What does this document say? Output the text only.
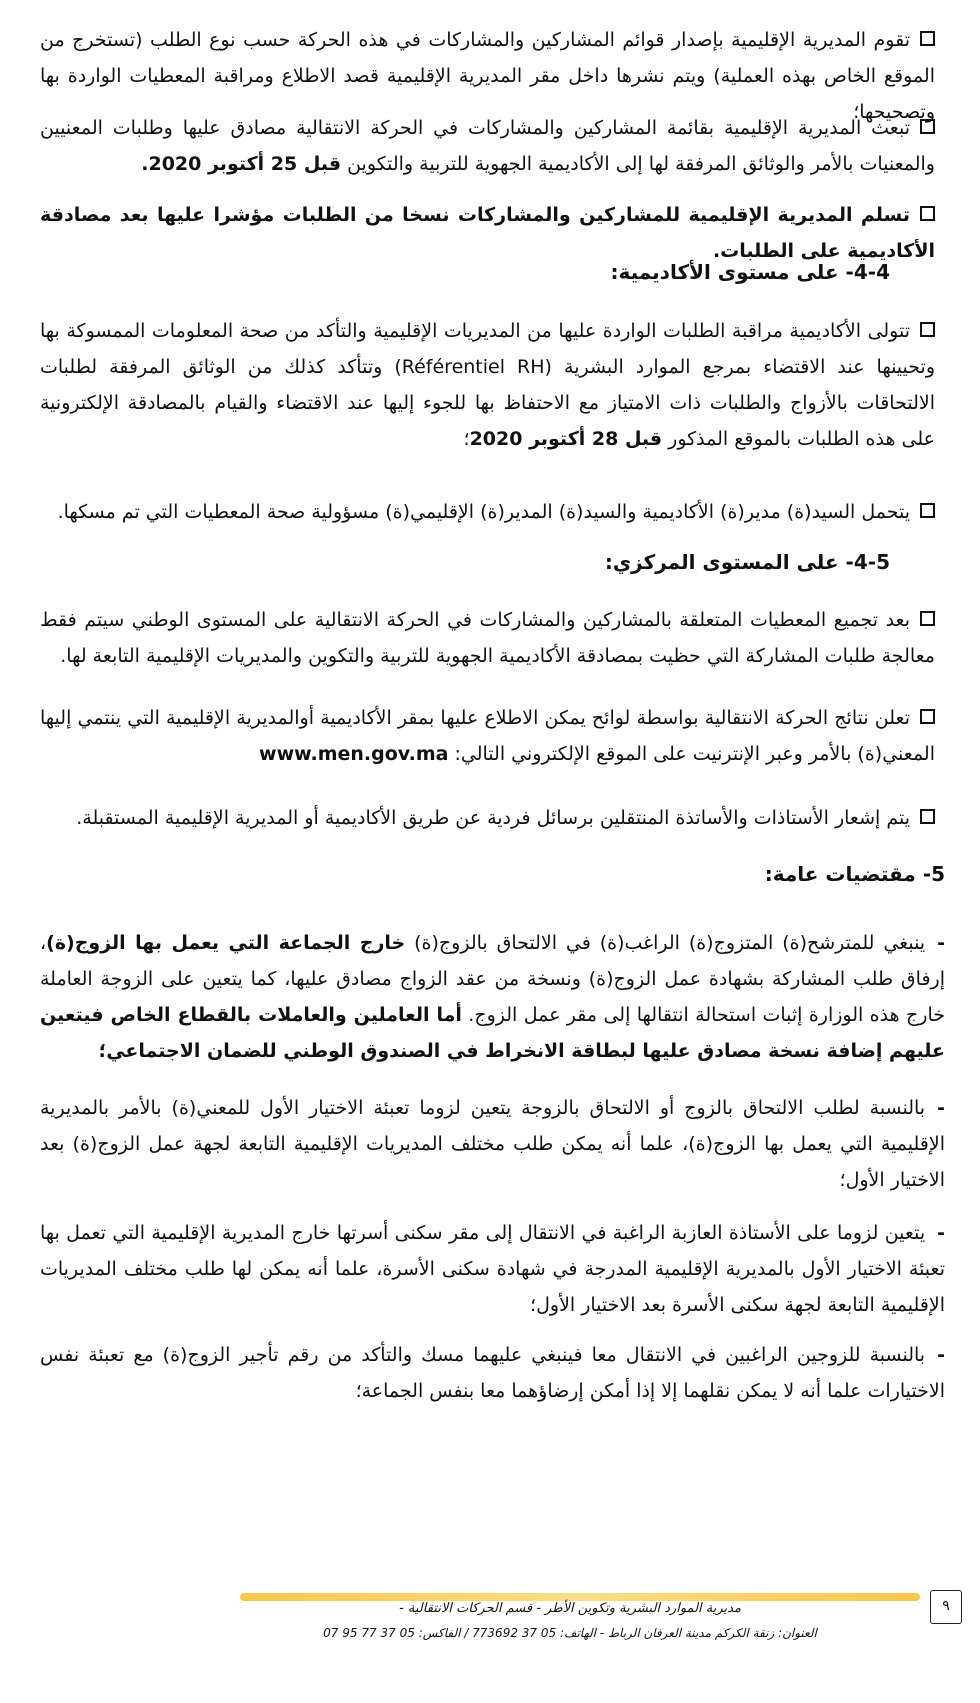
تقوم المديرية الإقليمية بإصدار قوائم المشاركين والمشاركات في هذه الحركة حسب نوع الطلب (تستخرج من الموقع الخاص بهذه العملية) ويتم نشرها داخل مقر المديرية الإقليمية قصد الاطلاع ومراقبة المعطيات الواردة بها وتصحيحها؛
تبعث المديرية الإقليمية بقائمة المشاركين والمشاركات في الحركة الانتقالية مصادق عليها وطلبات المعنيين والمعنيات بالأمر والوثائق المرفقة لها إلى الأكاديمية الجهوية للتربية والتكوين قبل 25 أكتوبر 2020.
تسلم المديرية الإقليمية للمشاركين والمشاركات نسخا من الطلبات مؤشرا عليها بعد مصادقة الأكاديمية على الطلبات.
4-4- على مستوى الأكاديمية:
تتولى الأكاديمية مراقبة الطلبات الواردة عليها من المديريات الإقليمية والتأكد من صحة المعلومات الممسوكة بها وتحيينها عند الاقتضاء بمرجع الموارد البشرية (Référentiel RH) وتتأكد كذلك من الوثائق المرفقة لطلبات الالتحاقات بالأزواج والطلبات ذات الامتياز مع الاحتفاظ بها للجوء إليها عند الاقتضاء والقيام بالمصادقة الإلكترونية على هذه الطلبات بالموقع المذكور قبل 28 أكتوبر 2020؛
يتحمل السيد(ة) مدير(ة) الأكاديمية والسيد(ة) المدير(ة) الإقليمي(ة) مسؤولية صحة المعطيات التي تم مسكها.
4-5- على المستوى المركزي:
بعد تجميع المعطيات المتعلقة بالمشاركين والمشاركات في الحركة الانتقالية على المستوى الوطني سيتم فقط معالجة طلبات المشاركة التي حظيت بمصادقة الأكاديمية الجهوية للتربية والتكوين والمديريات الإقليمية التابعة لها.
تعلن نتائج الحركة الانتقالية بواسطة لوائح يمكن الاطلاع عليها بمقر الأكاديمية أوالمديرية الإقليمية التي ينتمي إليها المعني(ة) بالأمر وعبر الإنترنيت على الموقع الإلكتروني التالي: www.men.gov.ma
يتم إشعار الأستاذات والأساتذة المنتقلين برسائل فردية عن طريق الأكاديمية أو المديرية الإقليمية المستقبلة.
5- مقتضيات عامة:
-ينبغي للمترشح(ة) المتزوج(ة) الراغب(ة) في الالتحاق بالزوج(ة) خارج الجماعة التي يعمل بها الزوج(ة)، إرفاق طلب المشاركة بشهادة عمل الزوج(ة) ونسخة من عقد الزواج مصادق عليها، كما يتعين على الزوجة العاملة خارج هذه الوزارة إثبات استحالة انتقالها إلى مقر عمل الزوج. أما العاملين والعاملات بالقطاع الخاص فيتعين عليهم إضافة نسخة مصادق عليها لبطاقة الانخراط في الصندوق الوطني للضمان الاجتماعي؛
-بالنسبة لطلب الالتحاق بالزوج أو الالتحاق بالزوجة يتعين لزوما تعبئة الاختيار الأول للمعني(ة) بالأمر بالمديرية الإقليمية التي يعمل بها الزوج(ة)، علما أنه يمكن طلب مختلف المديريات الإقليمية التابعة لجهة عمل الزوج(ة) بعد الاختيار الأول؛
-يتعين لزوما على الأستاذة العازبة الراغبة في الانتقال إلى مقر سكنى أسرتها خارج المديرية الإقليمية التي تعمل بها تعبئة الاختيار الأول بالمديرية الإقليمية المدرجة في شهادة سكنى الأسرة، علما أنه يمكن لها طلب مختلف المديريات الإقليمية التابعة لجهة سكنى الأسرة بعد الاختيار الأول؛
-بالنسبة للزوجين الراغبين في الانتقال معا فينبغي عليهما مسك والتأكد من رقم تأجير الزوج(ة) مع تعبئة نفس الاختيارات علما أنه لا يمكن نقلهما إلا إذا أمكن إرضاؤهما معا بنفس الجماعة؛
٩
مديرية الموارد البشرية وتكوين الأطر - قسم الحركات الانتقالية -
العنوان: زنقة الكركم مدينة العرفان الرباط - الهاتف: 05 37 773692 / الفاكس: 05 37 77 95 07
